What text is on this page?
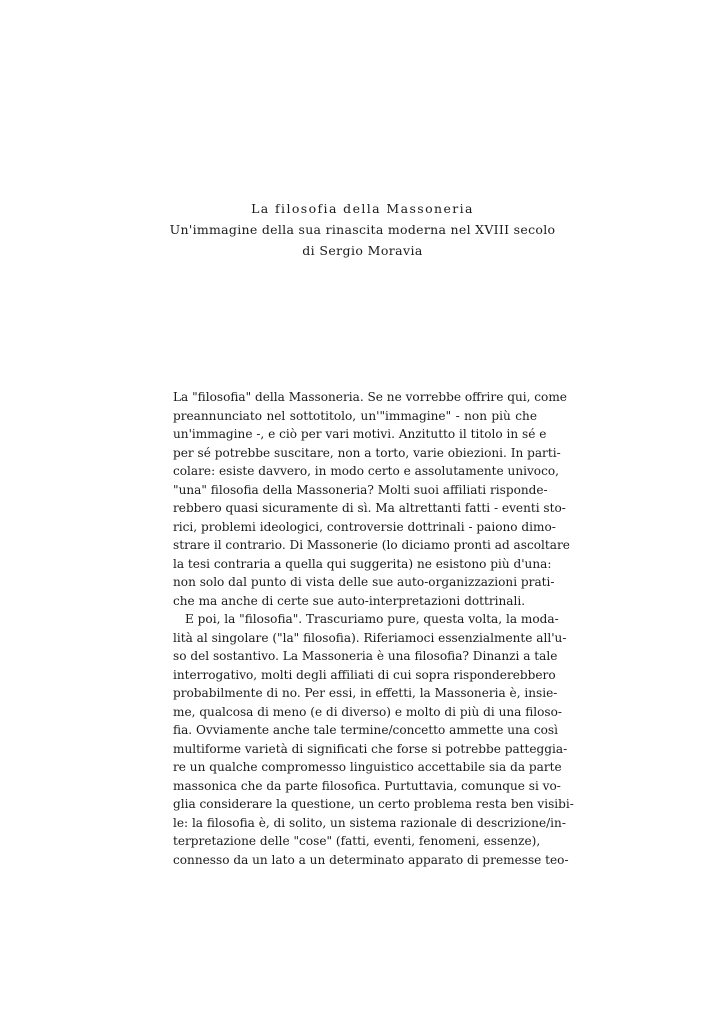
La filosofia della Massoneria
Un'immagine della sua rinascita moderna nel XVIII secolo
di Sergio Moravia
La "filosofia" della Massoneria. Se ne vorrebbe offrire qui, come
preannunciato nel sottotitolo, un'"immagine" - non più che
un'immagine -, e ciò per vari motivi. Anzitutto il titolo in sé e
per sé potrebbe suscitare, non a torto, varie obiezioni. In parti-
colare: esiste davvero, in modo certo e assolutamente univoco,
"una" filosofia della Massoneria? Molti suoi affiliati risponde-
rebbero quasi sicuramente di sì. Ma altrettanti fatti - eventi sto-
rici, problemi ideologici, controversie dottrinali - paiono dimo-
strare il contrario. Di Massonerie (lo diciamo pronti ad ascoltare
la tesi contraria a quella qui suggerita) ne esistono più d'una:
non solo dal punto di vista delle sue auto-organizzazioni prati-
che ma anche di certe sue auto-interpretazioni dottrinali.
E poi, la "filosofia". Trascuriamo pure, questa volta, la moda-
lità al singolare ("la" filosofia). Riferiamoci essenzialmente all'u-
so del sostantivo. La Massoneria è una filosofia? Dinanzi a tale
interrogativo, molti degli affiliati di cui sopra risponderebbero
probabilmente di no. Per essi, in effetti, la Massoneria è, insie-
me, qualcosa di meno (e di diverso) e molto di più di una filoso-
fia. Ovviamente anche tale termine/concetto ammette una così
multiforme varietà di significati che forse si potrebbe patteggia-
re un qualche compromesso linguistico accettabile sia da parte
massonica che da parte filosofica. Purtuttavia, comunque si vo-
glia considerare la questione, un certo problema resta ben visibi-
le: la filosofia è, di solito, un sistema razionale di descrizione/in-
terpretazione delle "cose" (fatti, eventi, fenomeni, essenze),
connesso da un lato a un determinato apparato di premesse teo-
